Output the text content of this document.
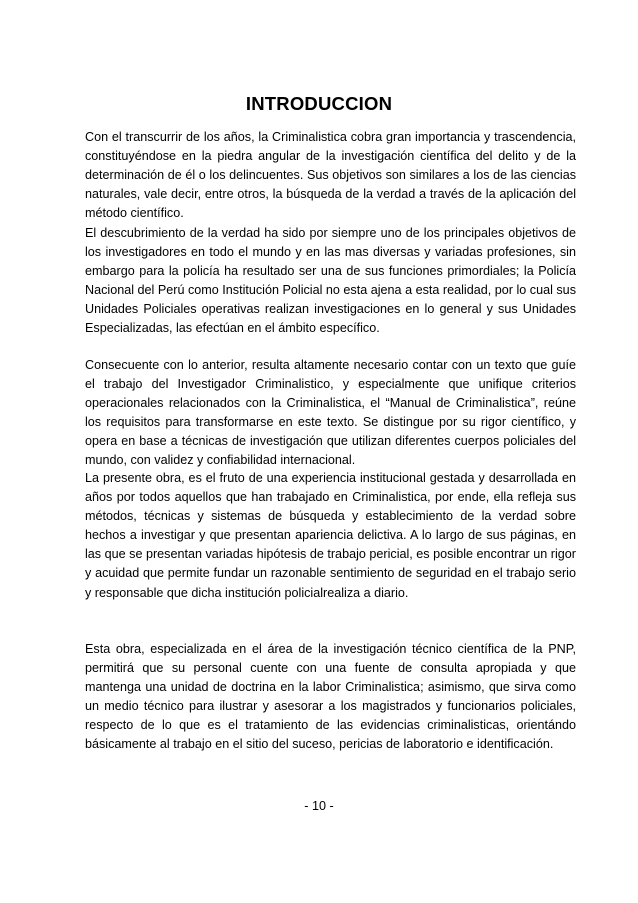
INTRODUCCION

Con el transcurrir de los años, la Criminalistica cobra gran importancia y trascendencia, constituyéndose en la piedra angular de la investigación científica del delito y de la determinación de él o los delincuentes. Sus objetivos son similares a los de las ciencias naturales, vale decir, entre otros, la búsqueda de la verdad a través de la aplicación del método científico.

El descubrimiento de la verdad ha sido por siempre uno de los principales objetivos de los investigadores en todo el mundo y en las mas diversas y variadas profesiones, sin embargo para la policía ha resultado ser una de sus funciones primordiales; la Policía Nacional del Perú como Institución Policial no esta ajena a esta realidad, por lo cual sus Unidades Policiales operativas realizan investigaciones en lo general y sus Unidades Especializadas, las efectúan en el ámbito específico.

Consecuente con lo anterior, resulta altamente necesario contar con un texto que guíe el trabajo del Investigador Criminalistico, y especialmente que unifique criterios operacionales relacionados con la Criminalistica, el “Manual de Criminalistica”, reúne los requisitos para transformarse en este texto. Se distingue por su rigor científico, y opera en base a técnicas de investigación que utilizan diferentes cuerpos policiales del mundo, con validez y confiabilidad internacional.

La presente obra, es el fruto de una experiencia institucional gestada y desarrollada en años por todos aquellos que han trabajado en Criminalistica, por ende, ella refleja sus métodos, técnicas y sistemas de búsqueda y establecimiento de la verdad sobre hechos a investigar y que presentan apariencia delictiva. A lo largo de sus páginas, en las que se presentan variadas hipótesis de trabajo pericial, es posible encontrar un rigor y acuidad que permite fundar un razonable sentimiento de seguridad en el trabajo serio y responsable que dicha institución policialrealiza a diario.

Esta obra, especializada en el área de la investigación técnico científica de la PNP, permitirá que su personal cuente con una fuente de consulta apropiada y que mantenga una unidad de doctrina en la labor Criminalistica; asimismo, que sirva como un medio técnico para ilustrar y asesorar a los magistrados y funcionarios policiales, respecto de lo que es el tratamiento de las evidencias criminalisticas, orientándo básicamente al trabajo en el sitio del suceso, pericias de laboratorio e identificación.

- 10 -
